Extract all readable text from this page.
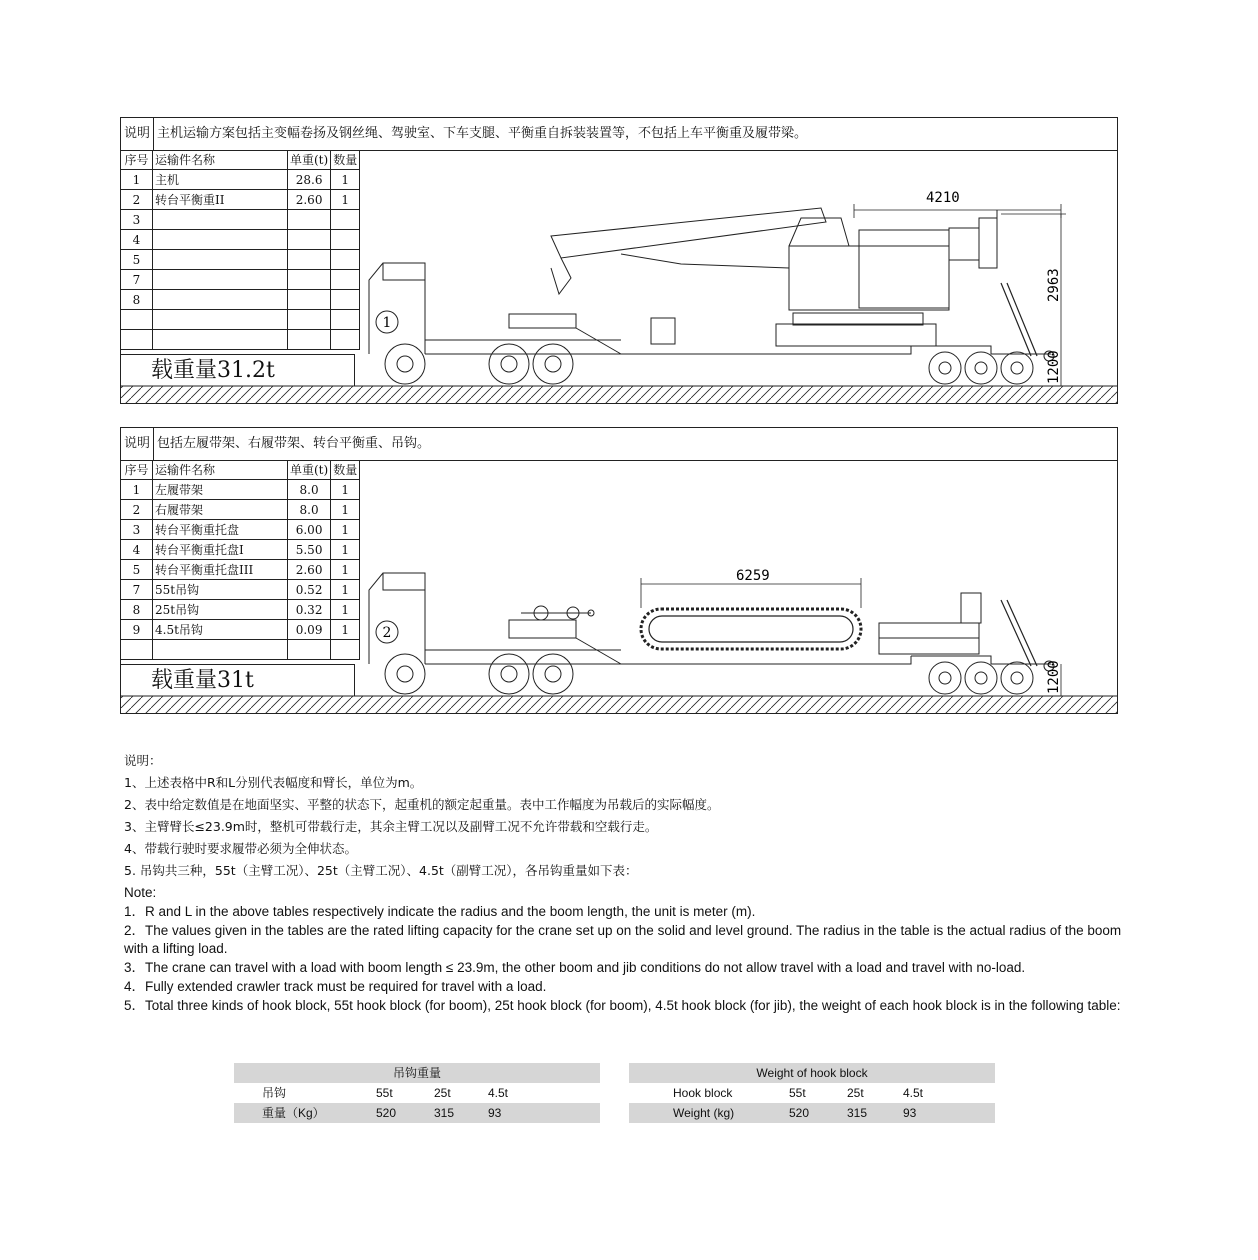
1
4210
2963
1200
说明 主机运输方案包括主变幅卷扬及钢丝绳、驾驶室、下车支腿、平衡重自拆装装置等，不包括上车平衡重及履带梁。
序号	运输件名称	单重(t)	数量
1	主机	28.6	1
2	转台平衡重II	2.60	1
3			
4			
5			
7			
8			

载重量31.2t
2
6259
1200
说明 包括左履带架、右履带架、转台平衡重、吊钩。
序号	运输件名称	单重(t)	数量
1	左履带架	8.0	1
2	右履带架	8.0	1
3	转台平衡重托盘	6.00	1
4	转台平衡重托盘I	5.50	1
5	转台平衡重托盘III	2.60	1
7	55t吊钩	0.52	1
8	25t吊钩	0.32	1
9	4.5t吊钩	0.09	1

载重量31t
说明：
1、上述表格中R和L分别代表幅度和臂长，单位为m。
2、表中给定数值是在地面坚实、平整的状态下，起重机的额定起重量。表中工作幅度为吊载后的实际幅度。
3、主臂臂长≤23.9m时，整机可带载行走，其余主臂工况以及副臂工况不允许带载和空载行走。
4、带载行驶时要求履带必须为全伸状态。
5. 吊钩共三种，55t（主臂工况）、25t（主臂工况）、4.5t（副臂工况），各吊钩重量如下表：
Note:
1．R and L in the above tables respectively indicate the radius and the boom length, the unit is meter (m).
2．The values given in the tables are the rated lifting capacity for the crane set up on the solid and level ground. The radius in the table is the actual radius of the boom with a lifting load.
3．The crane can travel with a load with boom length ≤ 23.9m, the other boom and jib conditions do not allow travel with a load and travel with no-load.
4．Fully extended crawler track must be required for travel with a load.
5．Total three kinds of hook block, 55t hook block (for boom), 25t hook block (for boom), 4.5t hook block (for jib), the weight of each hook block is in the following table:
吊钩重量
吊钩	55t	25t	4.5t
重量（Kg）	520	315	93
Weight of hook block
Hook block	55t	25t	4.5t
Weight (kg)	520	315	93
